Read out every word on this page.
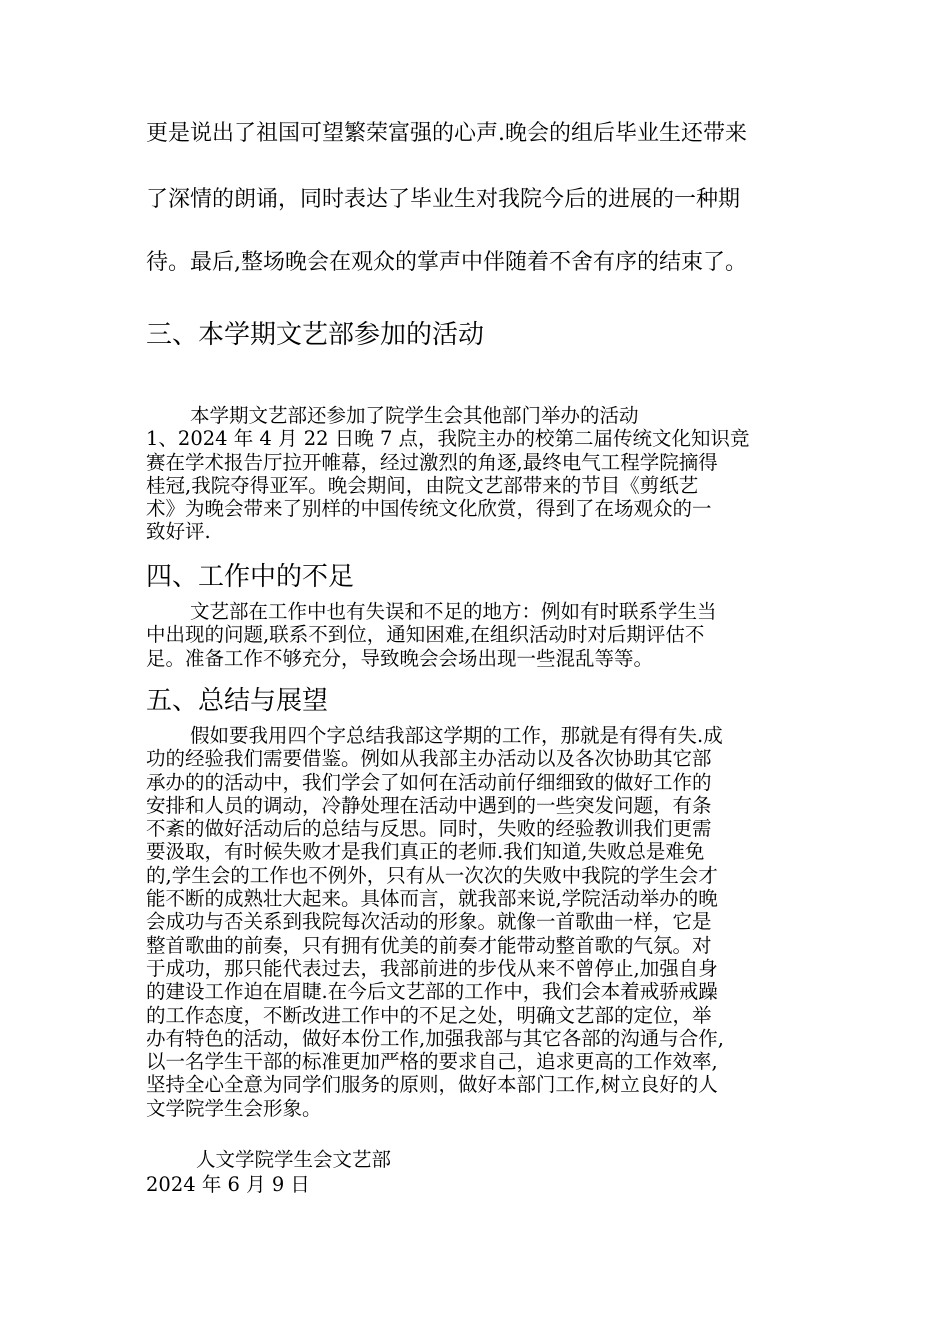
更是说出了祖国可望繁荣富强的心声.晚会的组后毕业生还带来
了深情的朗诵，同时表达了毕业生对我院今后的进展的一种期
待。最后,整场晚会在观众的掌声中伴随着不舍有序的结束了。
三、本学期文艺部参加的活动
本学期文艺部还参加了院学生会其他部门举办的活动
1、2024 年 4 月 22 日晚 7 点，我院主办的校第二届传统文化知识竞
赛在学术报告厅拉开帷幕，经过激烈的角逐,最终电气工程学院摘得
桂冠,我院夺得亚军。晚会期间，由院文艺部带来的节目《剪纸艺
术》为晚会带来了别样的中国传统文化欣赏，得到了在场观众的一
致好评.
四、工作中的不足
文艺部在工作中也有失误和不足的地方：例如有时联系学生当
中出现的问题,联系不到位，通知困难,在组织活动时对后期评估不
足。准备工作不够充分，导致晚会会场出现一些混乱等等。
五、总结与展望
假如要我用四个字总结我部这学期的工作，那就是有得有失.成
功的经验我们需要借鉴。例如从我部主办活动以及各次协助其它部
承办的的活动中，我们学会了如何在活动前仔细细致的做好工作的
安排和人员的调动，冷静处理在活动中遇到的一些突发问题，有条
不紊的做好活动后的总结与反思。同时，失败的经验教训我们更需
要汲取，有时候失败才是我们真正的老师.我们知道,失败总是难免
的,学生会的工作也不例外，只有从一次次的失败中我院的学生会才
能不断的成熟壮大起来。具体而言，就我部来说,学院活动举办的晚
会成功与否关系到我院每次活动的形象。就像一首歌曲一样，它是
整首歌曲的前奏，只有拥有优美的前奏才能带动整首歌的气氛。对
于成功，那只能代表过去，我部前进的步伐从来不曾停止,加强自身
的建设工作迫在眉睫.在今后文艺部的工作中，我们会本着戒骄戒躁
的工作态度，不断改进工作中的不足之处，明确文艺部的定位，举
办有特色的活动，做好本份工作,加强我部与其它各部的沟通与合作,
以一名学生干部的标准更加严格的要求自己，追求更高的工作效率,
坚持全心全意为同学们服务的原则，做好本部门工作,树立良好的人
文学院学生会形象。
人文学院学生会文艺部
2024 年 6 月 9 日
